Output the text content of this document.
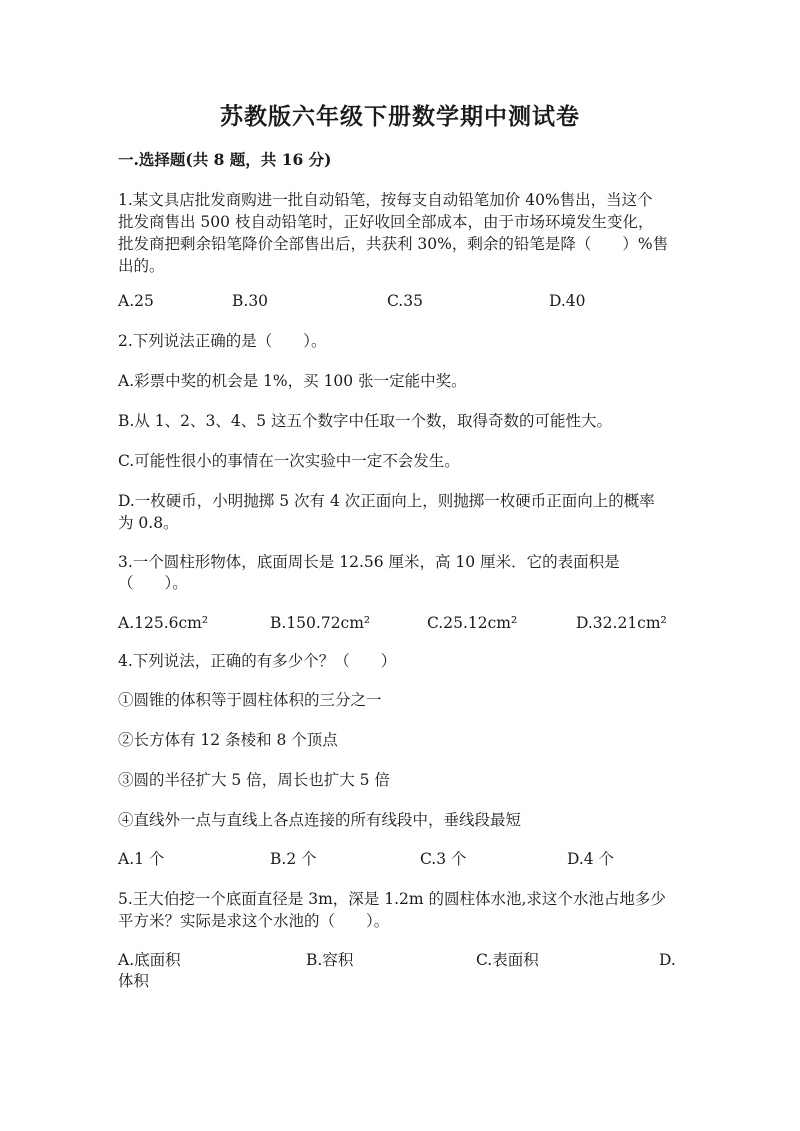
苏教版六年级下册数学期中测试卷
一.选择题(共 8 题，共 16 分)
1.某文具店批发商购进一批自动铅笔，按每支自动铅笔加价 40%售出，当这个
批发商售出 500 枝自动铅笔时，正好收回全部成本，由于市场环境发生变化，
批发商把剩余铅笔降价全部售出后，共获利 30%，剩余的铅笔是降（　　）%售
出的。
A.25	B.30	C.35	D.40
2.下列说法正确的是（　　）。
A.彩票中奖的机会是 1%，买 100 张一定能中奖。
B.从 1、2、3、4、5 这五个数字中任取一个数，取得奇数的可能性大。
C.可能性很小的事情在一次实验中一定不会发生。
D.一枚硬币，小明抛掷 5 次有 4 次正面向上，则抛掷一枚硬币正面向上的概率
为 0.8。
3.一个圆柱形物体，底面周长是 12.56 厘米，高 10 厘米．它的表面积是
（　　）。
A.125.6cm²	B.150.72cm²	C.25.12cm²	D.32.21cm²
4.下列说法，正确的有多少个？（　　）
①圆锥的体积等于圆柱体积的三分之一
②长方体有 12 条棱和 8 个顶点
③圆的半径扩大 5 倍，周长也扩大 5 倍
④直线外一点与直线上各点连接的所有线段中，垂线段最短
A.1 个	B.2 个	C.3 个	D.4 个
5.王大伯挖一个底面直径是 3m，深是 1.2m 的圆柱体水池,求这个水池占地多少
平方米？实际是求这个水池的（　　）。
A.底面积	B.容积	C.表面积	D.
体积
